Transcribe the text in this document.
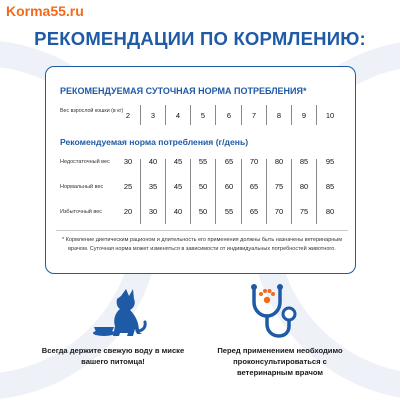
Korma55.ru
РЕКОМЕНДАЦИИ ПО КОРМЛЕНИЮ:
РЕКОМЕНДУЕМАЯ СУТОЧНАЯ НОРМА ПОТРЕБЛЕНИЯ*
Вес взрослой кошки (в кг) 2	3	4	5	6	7	8	9	10
Рекомендуемая норма потребления (г/день)
Недостаточный вес	30	40	45	55	65	70	80	85	95
Нормальный вес	25	35	45	50	60	65	75	80	85
Избыточный вес	20	30	40	50	55	65	70	75	80
* Кормление диетическим рационом и длительность его применения должны быть назначены ветеринарным врачом. Суточная норма может изменяться в зависимости от индивидуальных потребностей животного.
Всегда держите свежую воду в миске вашего питомца!
Перед применением необходимо проконсультироваться с ветеринарным врачом
